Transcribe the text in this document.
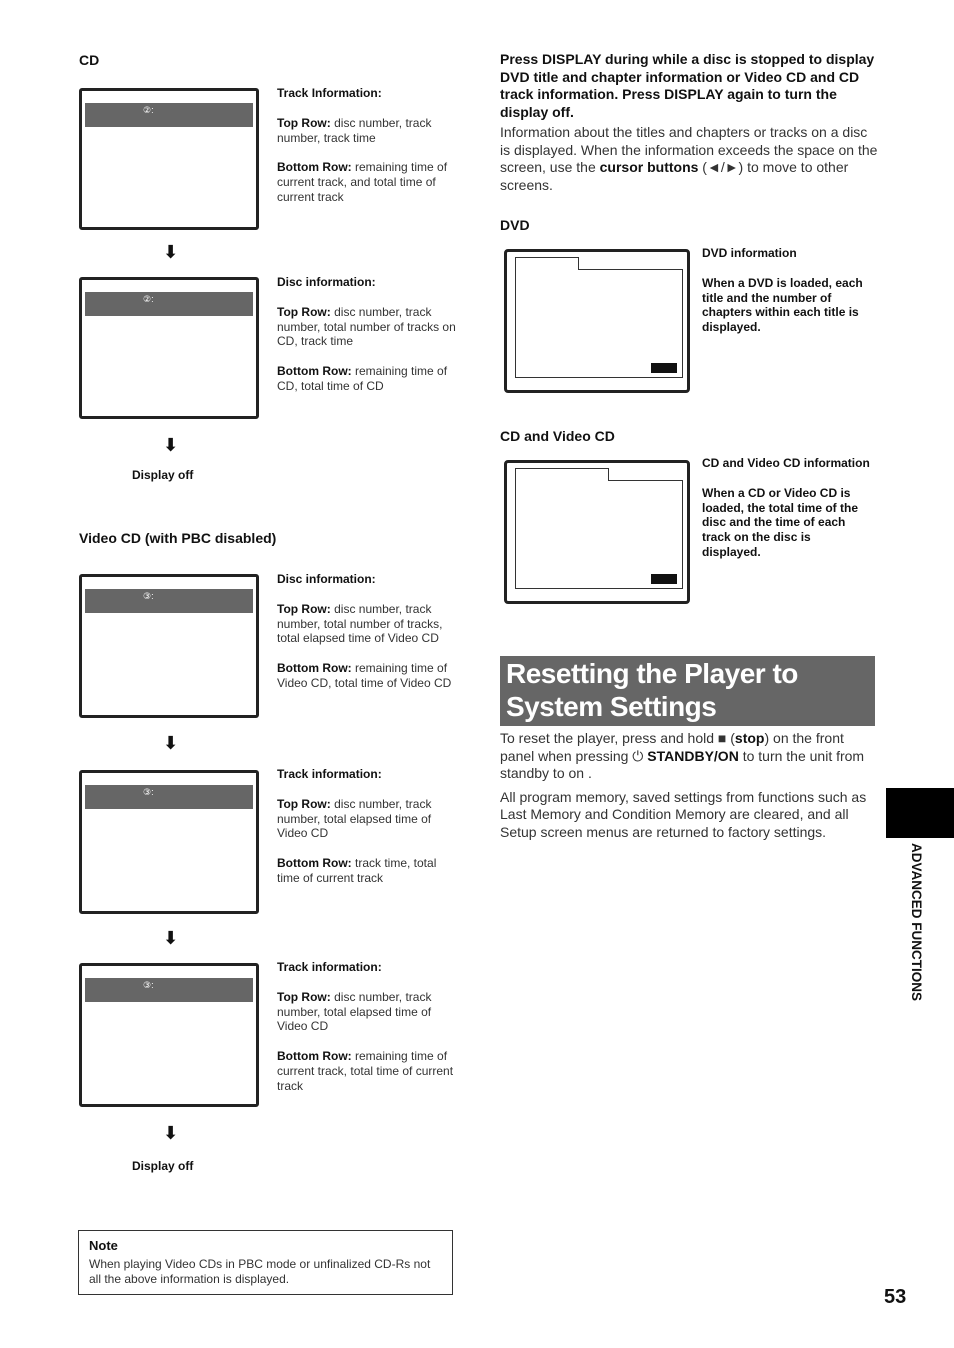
CD
②:
Track Information:

Top Row: disc number, track number, track time

Bottom Row: remaining time of current track, and total time of current track

⬇
②:
Disc information:

Top Row: disc number, track number, total number of tracks on CD, track time

Bottom Row: remaining time of CD, total time of CD

⬇
Display off
Video CD (with PBC disabled)
③:
Disc information:

Top Row: disc number, track number, total number of tracks, total elapsed time of Video CD

Bottom Row: remaining time of Video CD, total time of Video CD

⬇
③:
Track information:

Top Row: disc number, track number, total elapsed time of Video CD

Bottom Row: track time, total time of current track

⬇
③:
Track information:

Top Row: disc number, track number, total elapsed time of Video CD

Bottom Row: remaining time of current track, total time of current track

⬇
Display off
Note
When playing Video CDs in PBC mode or unfinalized CD-Rs not all the above information is displayed.

Press DISPLAY during while a disc is stopped to display DVD title and chapter information or Video CD and CD track information. Press DISPLAY again to turn the display off.

Information about the titles and chapters or tracks on a disc is displayed. When the information exceeds the space on the screen, use the cursor buttons (◄/►) to move to other screens.

DVD
DVD information
When a DVD is loaded, each title and the number of chapters within each title is displayed.
CD and Video CD
CD and Video CD information
When a CD or Video CD is loaded, the total time of the disc and the time of each track on the disc is displayed.
Resetting the Player to System Settings

To reset the player, press and hold ■ (stop) on the front panel when pressing ⏻ STANDBY/ON to turn the unit from standby to on .

All program memory, saved settings from functions such as Last Memory and Condition Memory are cleared, and all Setup screen menus are returned to factory settings.

ADVANCED FUNCTIONS
53
